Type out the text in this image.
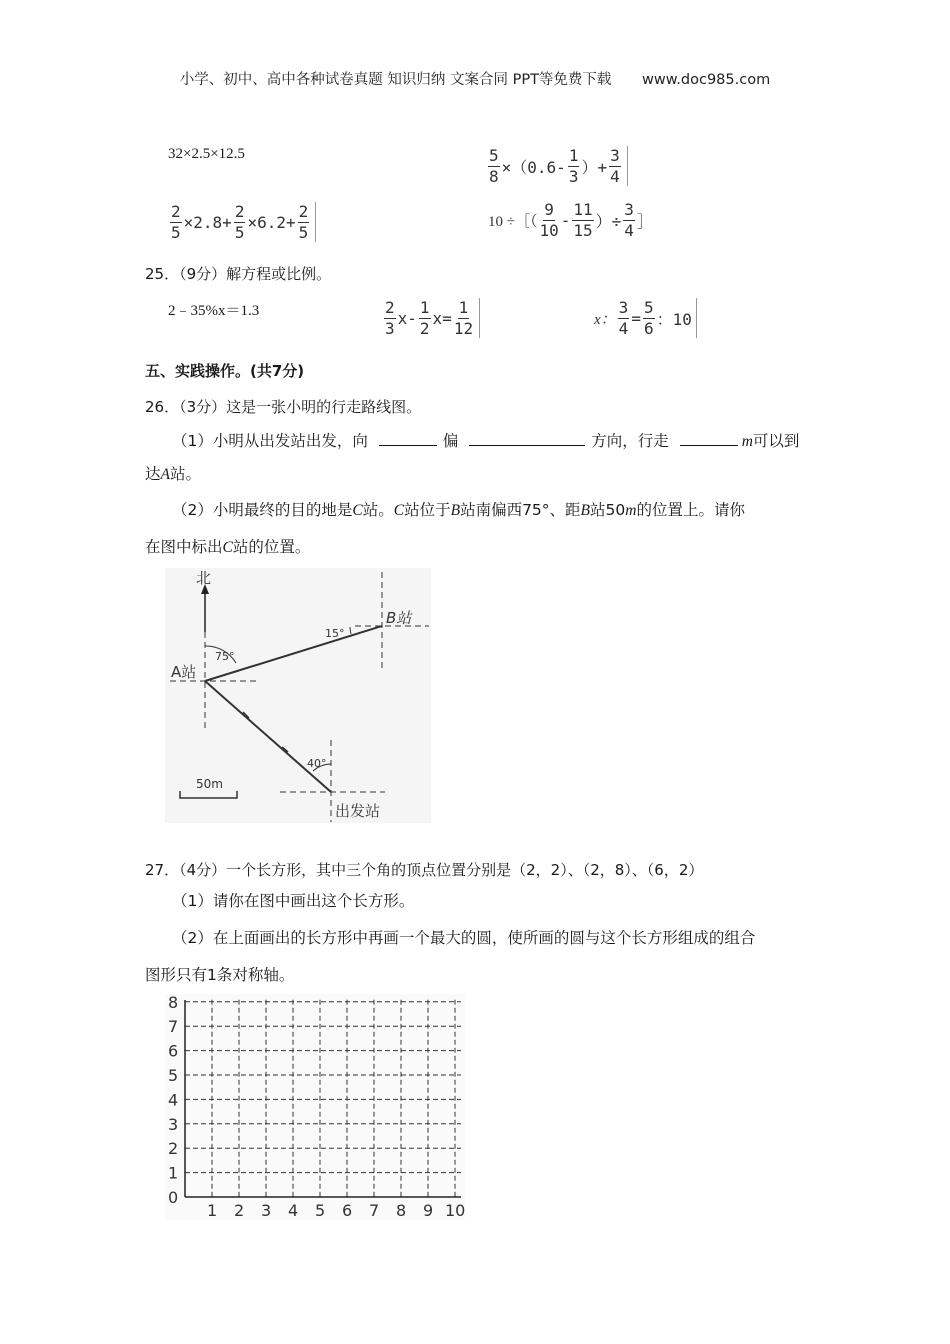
小学、初中、高中各种试卷真题 知识归纳 文案合同 PPT等免费下载 www.doc985.com
32×2.5×12.5	$\frac{5}{8} \times(0.6- \frac{1}{3}$ ）+ $\frac{3}{4}$
$\frac{2}{5} \times 2.8+ \frac{2}{5} \times 6.2+ \frac{2}{5}$	10 ÷［（ $\frac{9}{10} - \frac{11}{15}$ ）÷ $\frac{3}{4}$ ］
25．（9分）解方程或比例。
2﹣35%x＝1.3	$\frac{2}{3} x- \frac{1}{2} x= \frac{1}{12}$	x： $\frac{3}{4} = \frac{5}{6}$ ：10
五、实践操作。(共7分)
26．（3分）这是一张小明的行走路线图。
（1）小明从出发站出发，向	偏	方向，行走	m可以到
达A站。
（2）小明最终的目的地是C站。C站位于B站南偏西75°、距B站50m的位置上。请你
在图中标出C站的位置。
北
A站
75°
B站
15°
出发站
40°
50m
27．（4分）一个长方形，其中三个角的顶点位置分别是（2，2）、（2，8）、（6，2）
（1）请你在图中画出这个长方形。
（2）在上面画出的长方形中再画一个最大的圆，使所画的圆与这个长方形组成的组合
图形只有1条对称轴。
0
1
2
3
4
5
6
7
8
1 2 3 4 5 6 7 8 9 10
